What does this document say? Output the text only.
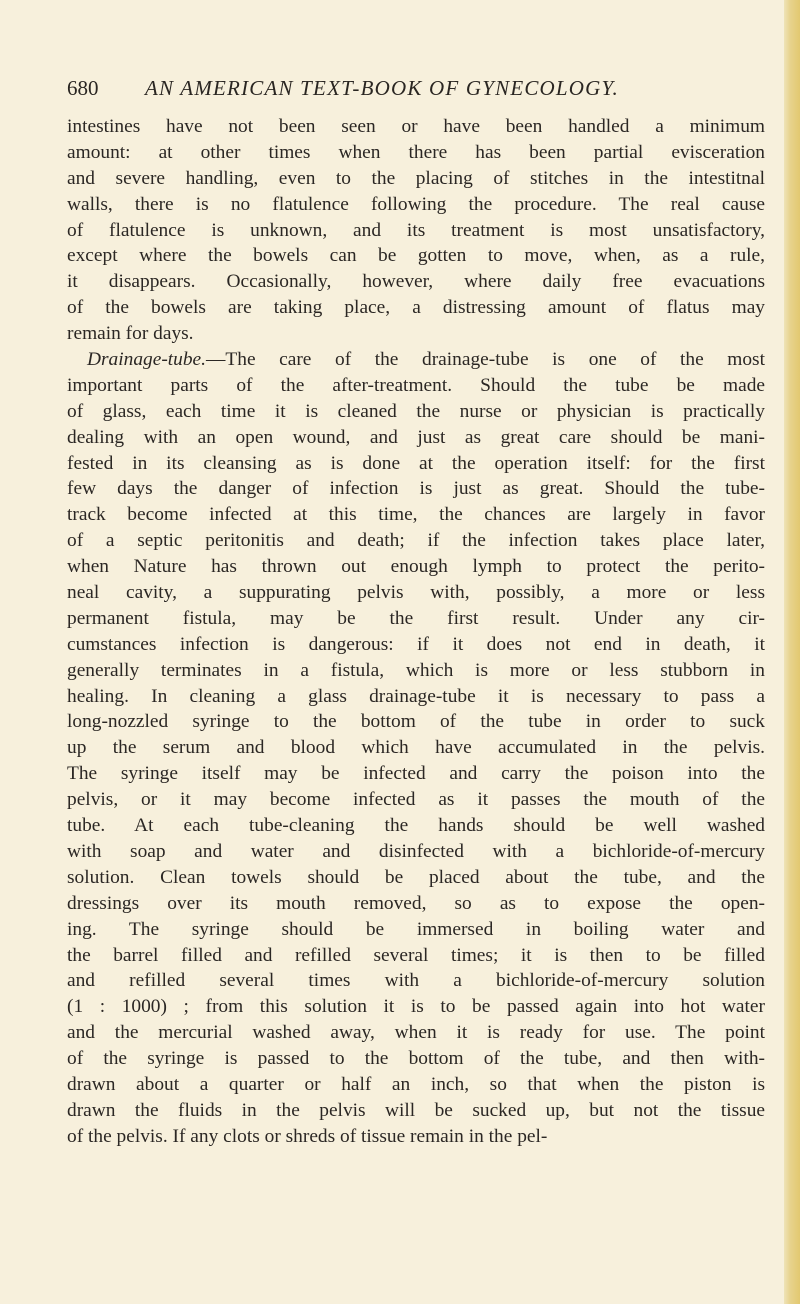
680 AN AMERICAN TEXT-BOOK OF GYNECOLOGY.
intestines have not been seen or have been handled a minimum
amount: at other times when there has been partial evisceration
and severe handling, even to the placing of stitches in the intestitnal
walls, there is no flatulence following the procedure. The real cause
of flatulence is unknown, and its treatment is most unsatisfactory,
except where the bowels can be gotten to move, when, as a rule,
it disappears. Occasionally, however, where daily free evacuations
of the bowels are taking place, a distressing amount of flatus may
remain for days.
Drainage-tube.—The care of the drainage-tube is one of the most
important parts of the after-treatment. Should the tube be made
of glass, each time it is cleaned the nurse or physician is practically
dealing with an open wound, and just as great care should be mani-
fested in its cleansing as is done at the operation itself: for the first
few days the danger of infection is just as great. Should the tube-
track become infected at this time, the chances are largely in favor
of a septic peritonitis and death; if the infection takes place later,
when Nature has thrown out enough lymph to protect the perito-
neal cavity, a suppurating pelvis with, possibly, a more or less
permanent fistula, may be the first result. Under any cir-
cumstances infection is dangerous: if it does not end in death, it
generally terminates in a fistula, which is more or less stubborn in
healing. In cleaning a glass drainage-tube it is necessary to pass a
long-nozzled syringe to the bottom of the tube in order to suck
up the serum and blood which have accumulated in the pelvis.
The syringe itself may be infected and carry the poison into the
pelvis, or it may become infected as it passes the mouth of the
tube. At each tube-cleaning the hands should be well washed
with soap and water and disinfected with a bichloride-of-mercury
solution. Clean towels should be placed about the tube, and the
dressings over its mouth removed, so as to expose the open-
ing. The syringe should be immersed in boiling water and
the barrel filled and refilled several times; it is then to be filled
and refilled several times with a bichloride-of-mercury solution
(1 : 1000) ; from this solution it is to be passed again into hot water
and the mercurial washed away, when it is ready for use. The point
of the syringe is passed to the bottom of the tube, and then with-
drawn about a quarter or half an inch, so that when the piston is
drawn the fluids in the pelvis will be sucked up, but not the tissue
of the pelvis. If any clots or shreds of tissue remain in the pel-
